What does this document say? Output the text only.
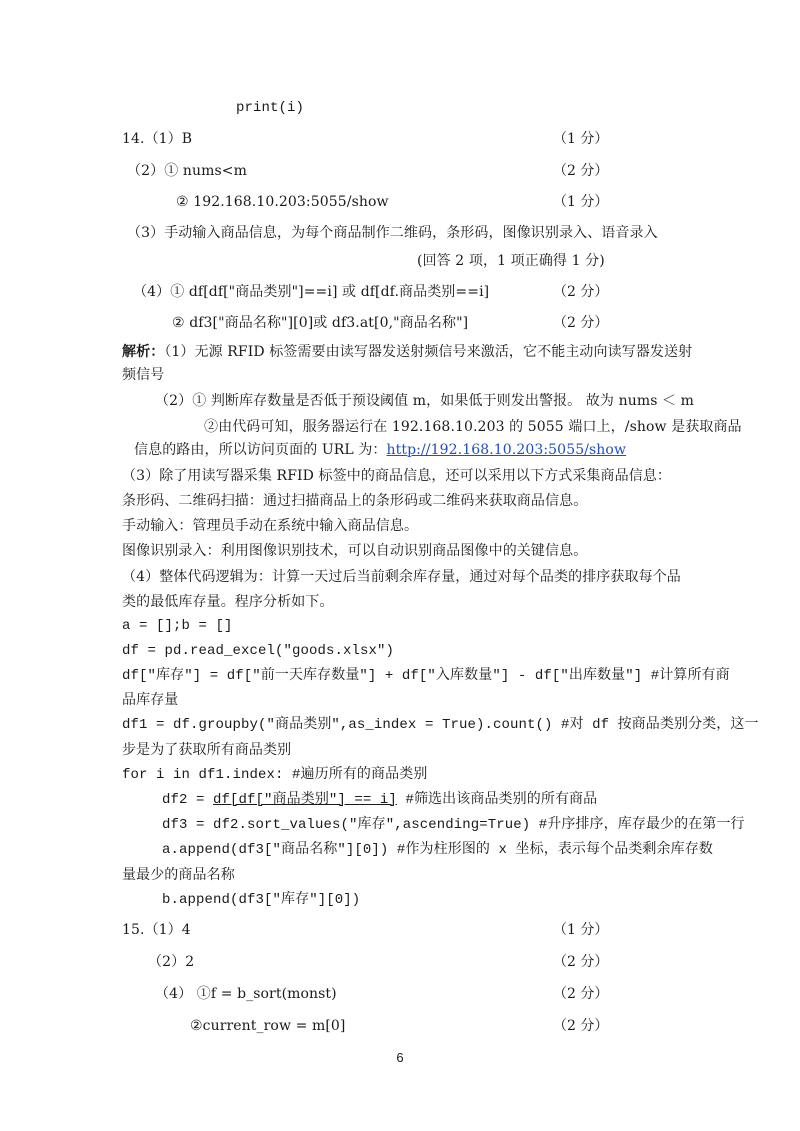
print(i)
14.（1）B	（1 分）
（2）① nums<m	（2 分）
② 192.168.10.203:5055/show	（1 分）
（3）手动输入商品信息，为每个商品制作二维码，条形码，图像识别录入、语音录入
(回答 2 项，1 项正确得 1 分)
（4）① df[df["商品类别"]==i] 或 df[df.商品类别==i]	（2 分）
② df3["商品名称"][0]或 df3.at[0,"商品名称"]	（2 分）
解析：（1）无源 RFID 标签需要由读写器发送射频信号来激活，它不能主动向读写器发送射
频信号
（2）① 判断库存数量是否低于预设阈值 m，如果低于则发出警报。 故为 nums ＜ m
②由代码可知，服务器运行在 192.168.10.203 的 5055 端口上，/show 是获取商品
信息的路由，所以访问页面的 URL 为：http://192.168.10.203:5055/show
（3）除了用读写器采集 RFID 标签中的商品信息，还可以采用以下方式采集商品信息：
条形码、二维码扫描：通过扫描商品上的条形码或二维码来获取商品信息。
手动输入：管理员手动在系统中输入商品信息。
图像识别录入：利用图像识别技术，可以自动识别商品图像中的关键信息。
（4）整体代码逻辑为：计算一天过后当前剩余库存量，通过对每个品类的排序获取每个品
类的最低库存量。程序分析如下。
a = [];b = []
df = pd.read_excel("goods.xlsx")
df["库存"] = df["前一天库存数量"] + df["入库数量"] - df["出库数量"] #计算所有商
品库存量
df1 = df.groupby("商品类别",as_index = True).count() #对 df 按商品类别分类，这一
步是为了获取所有商品类别
for i in df1.index: #遍历所有的商品类别
df2 = df[df["商品类别"] == i] #筛选出该商品类别的所有商品
df3 = df2.sort_values("库存",ascending=True) #升序排序，库存最少的在第一行
a.append(df3["商品名称"][0]) #作为柱形图的 x 坐标，表示每个品类剩余库存数
量最少的商品名称
b.append(df3["库存"][0])
15.（1）4	（1 分）
（2）2	（2 分）
（4） ①f = b_sort(monst)	（2 分）
②current_row = m[0]	（2 分）
6
